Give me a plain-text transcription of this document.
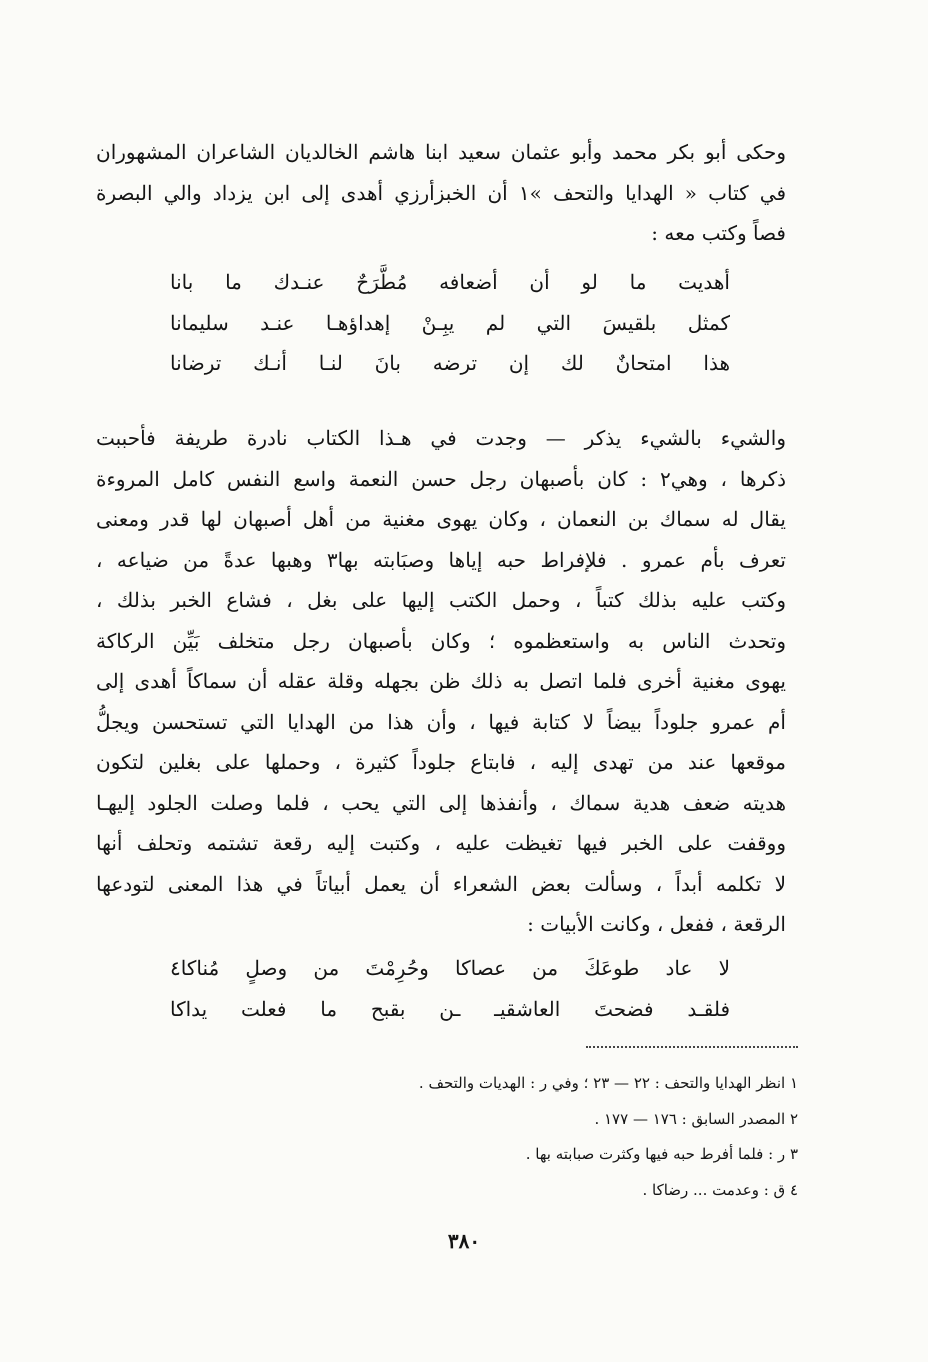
وحكى أبو بكر محمد وأبو عثمان سعيد ابنا هاشم الخالديان الشاعران المشهوران
في كتاب « الهدايا والتحف »١ أن الخبزأرزي أهدى إلى ابن يزداد والي البصرة
فصاً وكتب معه :
أهديت ما لو أن أضعافه مُطَّرَحٌ عنـدك ما بانا
كمثل بلقيسَ التي لم يبِـنْ إهداؤهـا عنـد سليمانا
هذا امتحانٌ لك إن ترضه بانَ لنـا أنـك ترضانا
والشيء بالشيء يذكر — وجدت في هـذا الكتاب نادرة طريفة فأحببت
ذكرها ، وهي٢ : كان بأصبهان رجل حسن النعمة واسع النفس كامل المروءة
يقال له سماك بن النعمان ، وكان يهوى مغنية من أهل أصبهان لها قدر ومعنى
تعرف بأم عمرو . فلإفراط حبه إياها وصبَابته بها٣ وهبها عدةً من ضياعه ،
وكتب عليه بذلك كتباً ، وحمل الكتب إليها على بغل ، فشاع الخبر بذلك ،
وتحدث الناس به واستعظموه ؛ وكان بأصبهان رجل متخلف بَيِّن الركاكة
يهوى مغنية أخرى فلما اتصل به ذلك ظن بجهله وقلة عقله أن سماكاً أهدى إلى
أم عمرو جلوداً بيضاً لا كتابة فيها ، وأن هذا من الهدايا التي تستحسن ويجلُّ
موقعها عند من تهدى إليه ، فابتاع جلوداً كثيرة ، وحملها على بغلين لتكون
هديته ضعف هدية سماك ، وأنفذها إلى التي يحب ، فلما وصلت الجلود إليهـا
ووقفت على الخبر فيها تغيظت عليه ، وكتبت إليه رقعة تشتمه وتحلف أنها
لا تكلمه أبداً ، وسألت بعض الشعراء أن يعمل أبياتاً في هذا المعنى لتودعها
الرقعة ، ففعل ، وكانت الأبيات :
لا عاد طوعَكَ من عصاكا وحُرِمْتَ من وصلٍ مُناكا٤
فلقـد فضحتَ العاشقيـ ـن بقبح ما فعلت يداكا
١ انظر الهدايا والتحف : ٢٢ — ٢٣ ؛ وفي ر : الهديات والتحف .
٢ المصدر السابق : ١٧٦ — ١٧٧ .
٣ ر : فلما أفرط حبه فيها وكثرت صبابته بها .
٤ ق : وعدمت ... رضاكا .
٣٨٠
